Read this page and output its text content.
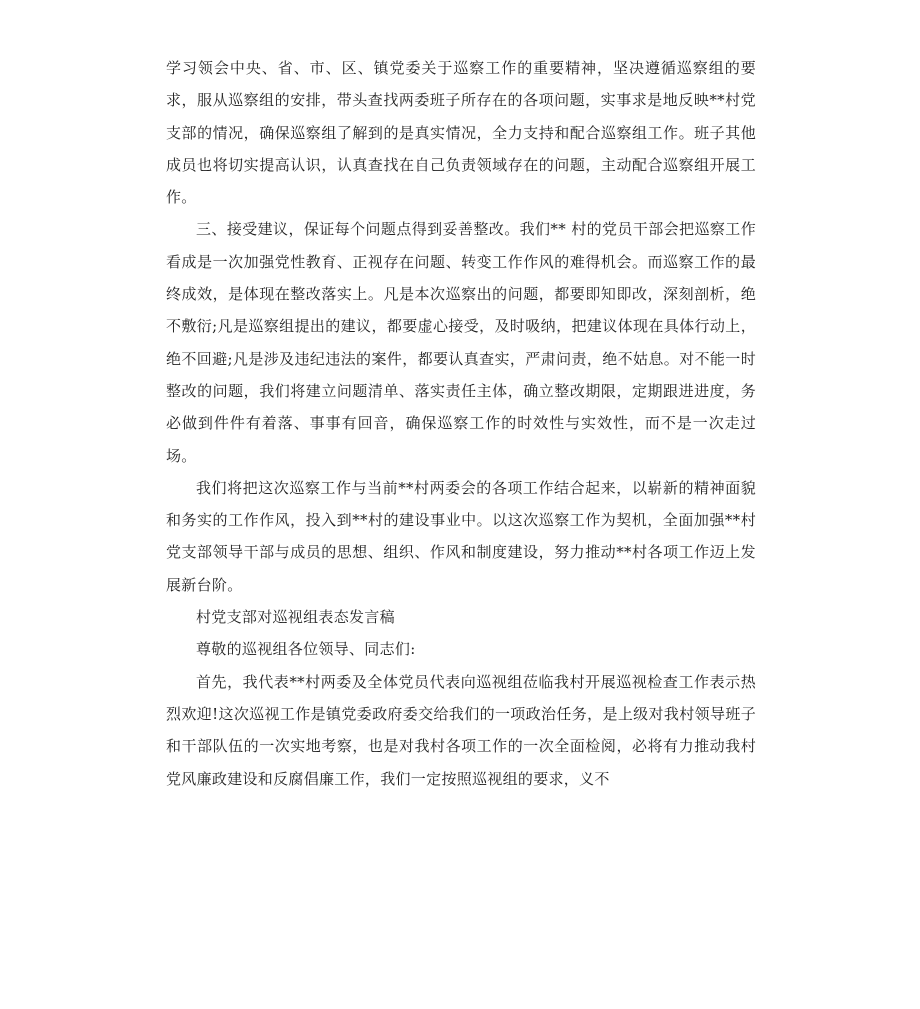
学习领会中央、省、市、区、镇党委关于巡察工作的重要精神，坚决遵循巡察组的要求，服从巡察组的安排，带头查找两委班子所存在的各项问题，实事求是地反映**村党支部的情况，确保巡察组了解到的是真实情况，全力支持和配合巡察组工作。班子其他成员也将切实提高认识，认真查找在自己负责领域存在的问题，主动配合巡察组开展工作。

三、接受建议，保证每个问题点得到妥善整改。我们** 村的党员干部会把巡察工作看成是一次加强党性教育、正视存在问题、转变工作作风的难得机会。而巡察工作的最终成效，是体现在整改落实上。凡是本次巡察出的问题，都要即知即改，深刻剖析，绝不敷衍;凡是巡察组提出的建议，都要虚心接受，及时吸纳，把建议体现在具体行动上，绝不回避;凡是涉及违纪违法的案件，都要认真查实，严肃问责，绝不姑息。对不能一时整改的问题，我们将建立问题清单、落实责任主体，确立整改期限，定期跟进进度，务必做到件件有着落、事事有回音，确保巡察工作的时效性与实效性，而不是一次走过场。

我们将把这次巡察工作与当前**村两委会的各项工作结合起来，以崭新的精神面貌和务实的工作作风，投入到**村的建设事业中。以这次巡察工作为契机，全面加强**村党支部领导干部与成员的思想、组织、作风和制度建设，努力推动**村各项工作迈上发展新台阶。

村党支部对巡视组表态发言稿

尊敬的巡视组各位领导、同志们:

首先，我代表**村两委及全体党员代表向巡视组莅临我村开展巡视检查工作表示热烈欢迎!这次巡视工作是镇党委政府委交给我们的一项政治任务，是上级对我村领导班子和干部队伍的一次实地考察，也是对我村各项工作的一次全面检阅，必将有力推动我村党风廉政建设和反腐倡廉工作，我们一定按照巡视组的要求，义不
